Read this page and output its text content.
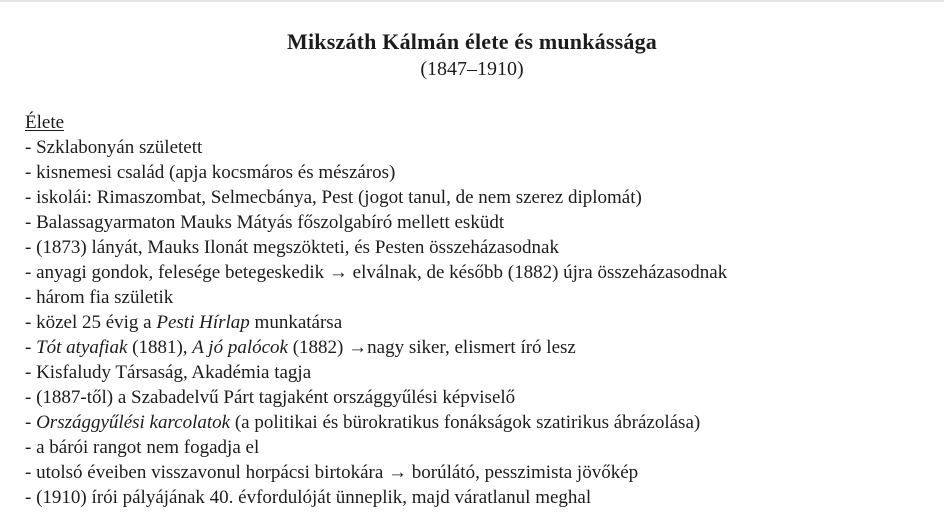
Mikszáth Kálmán élete és munkássága
(1847–1910)
Élete
- Szklabonyán született
- kisnemesi család (apja kocsmáros és mészáros)
- iskolái: Rimaszombat, Selmecbánya, Pest (jogot tanul, de nem szerez diplomát)
- Balassagyarmaton Mauks Mátyás főszolgabíró mellett esküdt
- (1873) lányát, Mauks Ilonát megszökteti, és Pesten összeházasodnak
- anyagi gondok, felesége betegeskedik → elválnak, de később (1882) újra összeházasodnak
- három fia születik
- közel 25 évig a Pesti Hírlap munkatársa
- Tót atyafiak (1881), A jó palócok (1882) →nagy siker, elismert író lesz
- Kisfaludy Társaság, Akadémia tagja
- (1887-től) a Szabadelvű Párt tagjaként országgyűlési képviselő
- Országgyűlési karcolatok (a politikai és bürokratikus fonákságok szatirikus ábrázolása)
- a bárói rangot nem fogadja el
- utolsó éveiben visszavonul horpácsi birtokára → borúlátó, pesszimista jövőkép
- (1910) írói pályájának 40. évfordulóját ünneplik, majd váratlanul meghal
